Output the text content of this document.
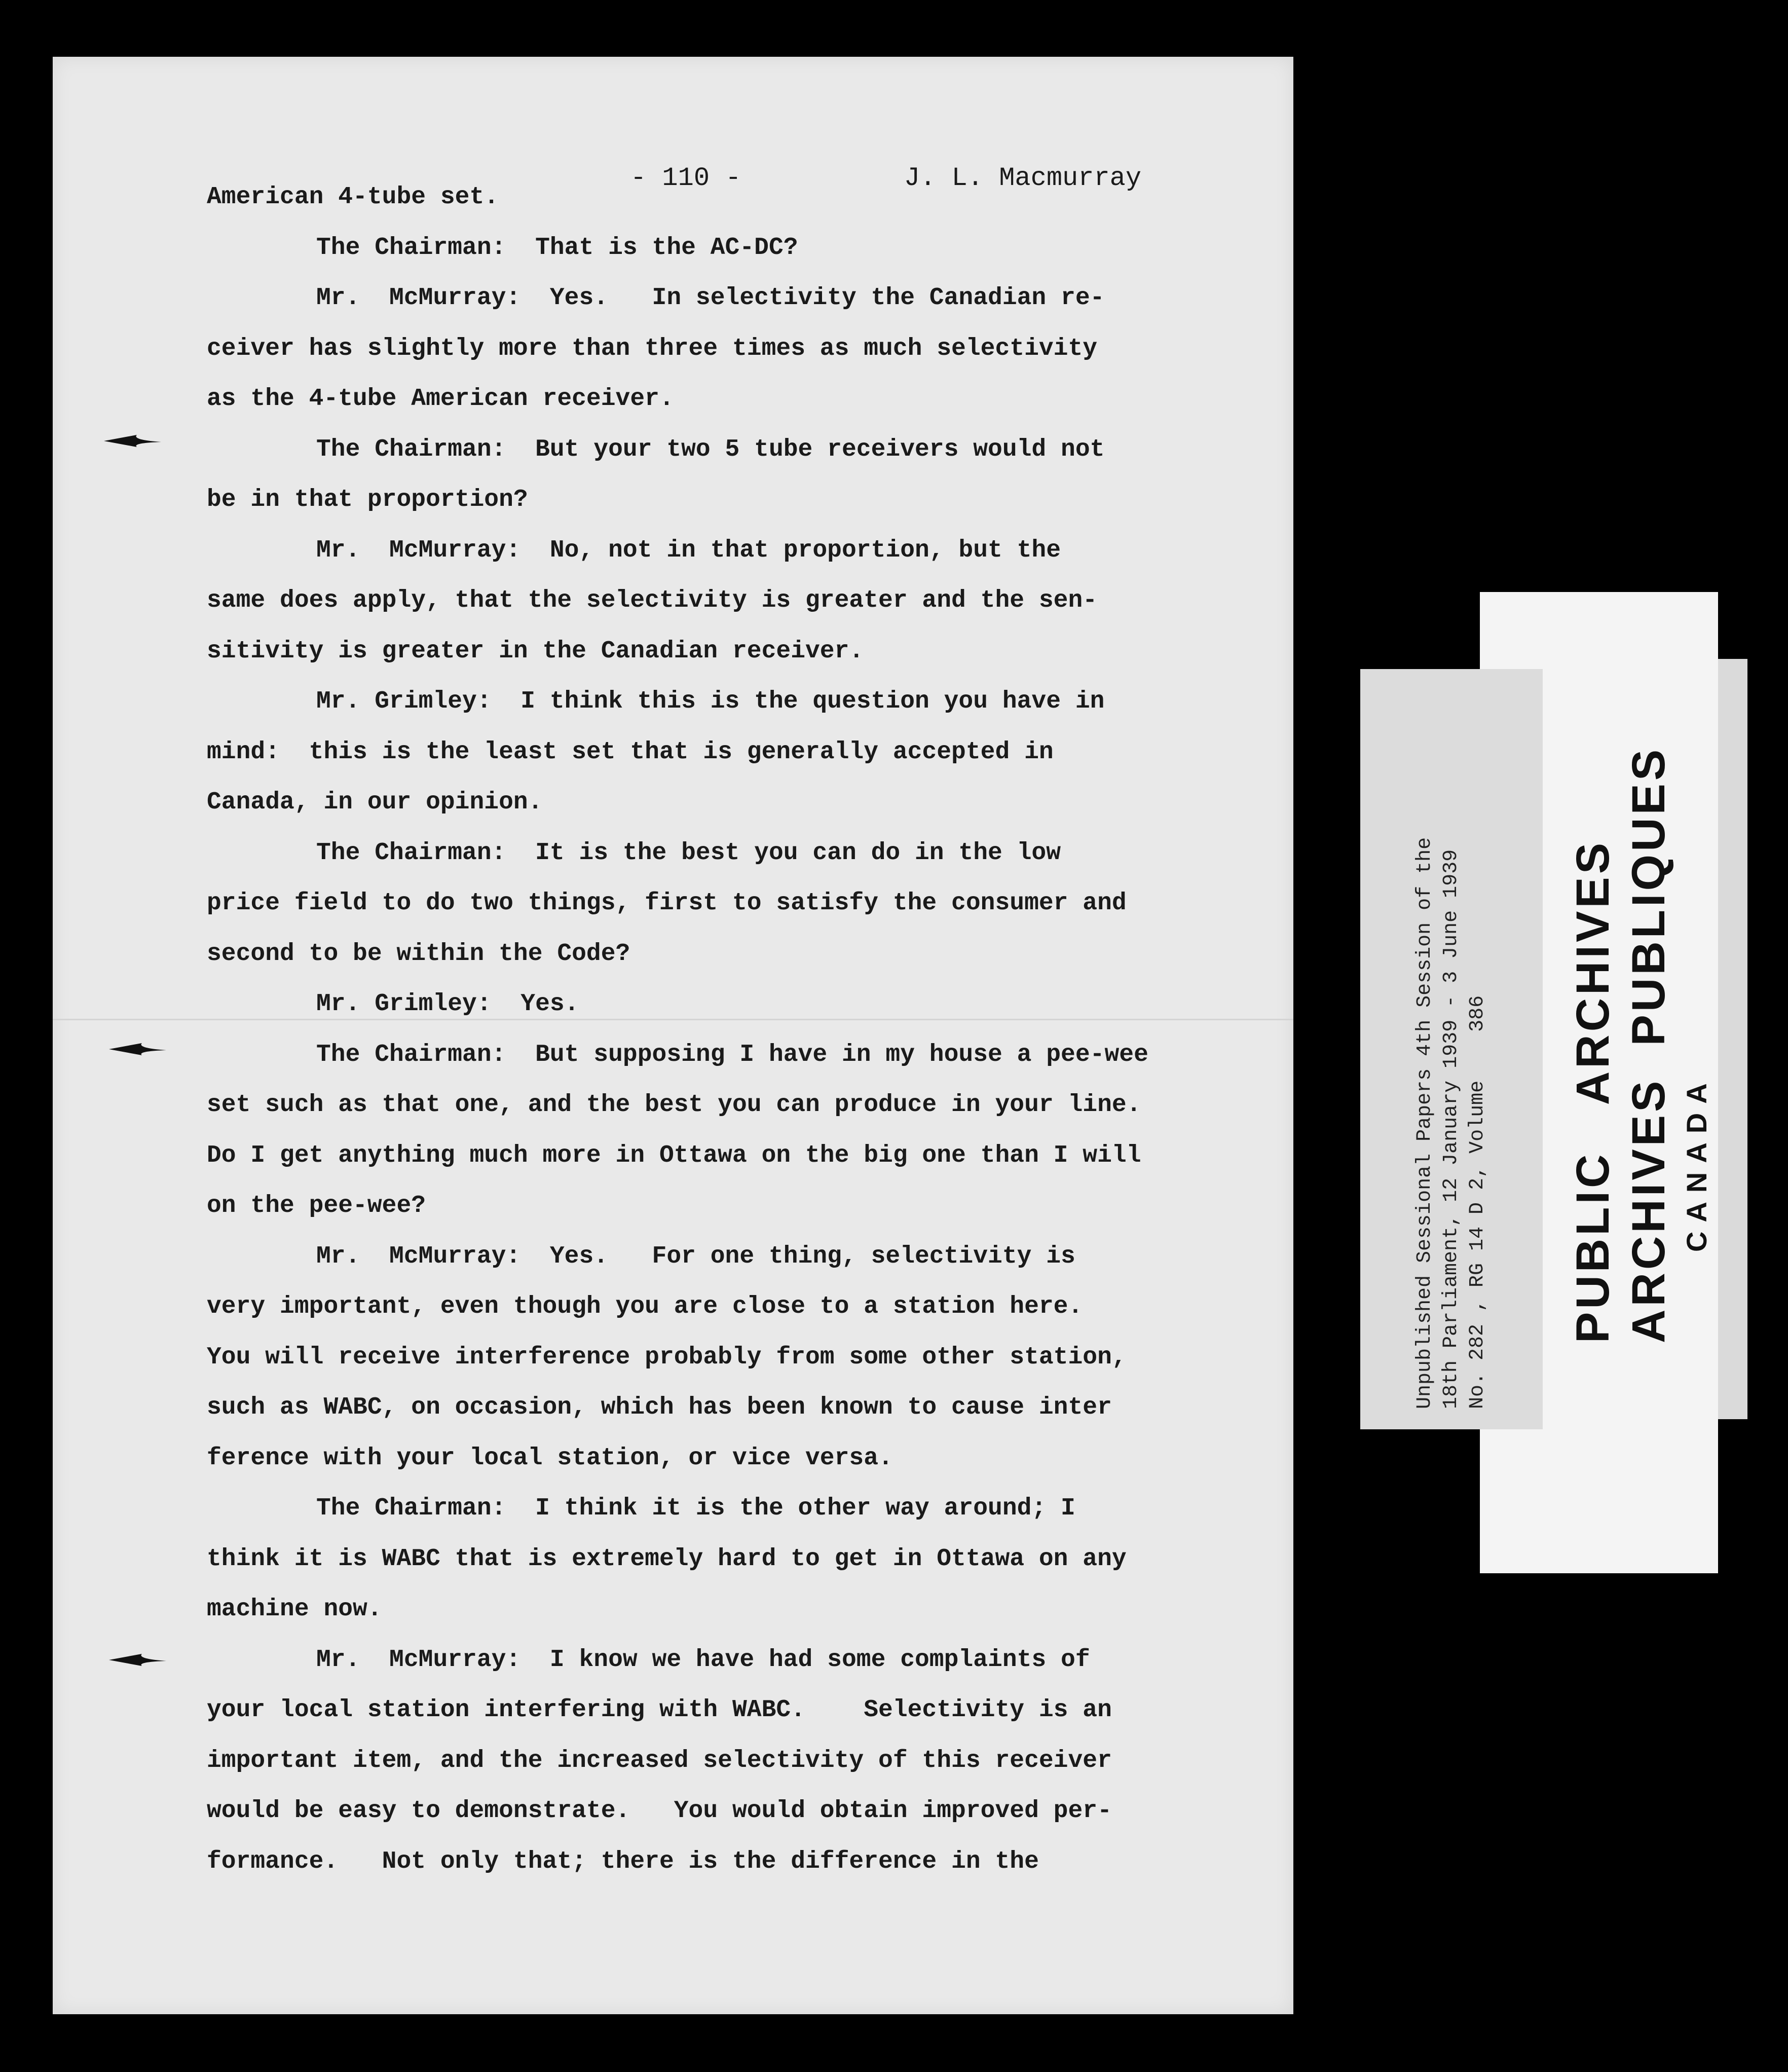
- 110 -	J. L. Macmurray
American 4-tube set.
The Chairman:  That is the AC-DC?
Mr.  McMurray:  Yes.   In selectivity the Canadian re-
ceiver has slightly more than three times as much selectivity
as the 4-tube American receiver.
The Chairman:  But your two 5 tube receivers would not
be in that proportion?
Mr.  McMurray:  No, not in that proportion, but the
same does apply, that the selectivity is greater and the sen-
sitivity is greater in the Canadian receiver.
Mr. Grimley:  I think this is the question you have in
mind:  this is the least set that is generally accepted in
Canada, in our opinion.
The Chairman:  It is the best you can do in the low
price field to do two things, first to satisfy the consumer and
second to be within the Code?
Mr. Grimley:  Yes.
The Chairman:  But supposing I have in my house a pee-wee
set such as that one, and the best you can produce in your line.
Do I get anything much more in Ottawa on the big one than I will
on the pee-wee?
Mr.  McMurray:  Yes.   For one thing, selectivity is
very important, even though you are close to a station here.
You will receive interference probably from some other station,
such as WABC, on occasion, which has been known to cause inter
ference with your local station, or vice versa.
The Chairman:  I think it is the other way around; I
think it is WABC that is extremely hard to get in Ottawa on any
machine now.
Mr.  McMurray:  I know we have had some complaints of
your local station interfering with WABC.    Selectivity is an
important item, and the increased selectivity of this receiver
would be easy to demonstrate.   You would obtain improved per-
formance.   Not only that; there is the difference in the
Unpublished Sessional Papers 4th Session of the 18th Parliament, 12 January 1939 - 3 June 1939 No. 282 , RG 14 D 2, Volume    386 PUBLIC   ARCHIVES ARCHIVES  PUBLIQUES CANADA
